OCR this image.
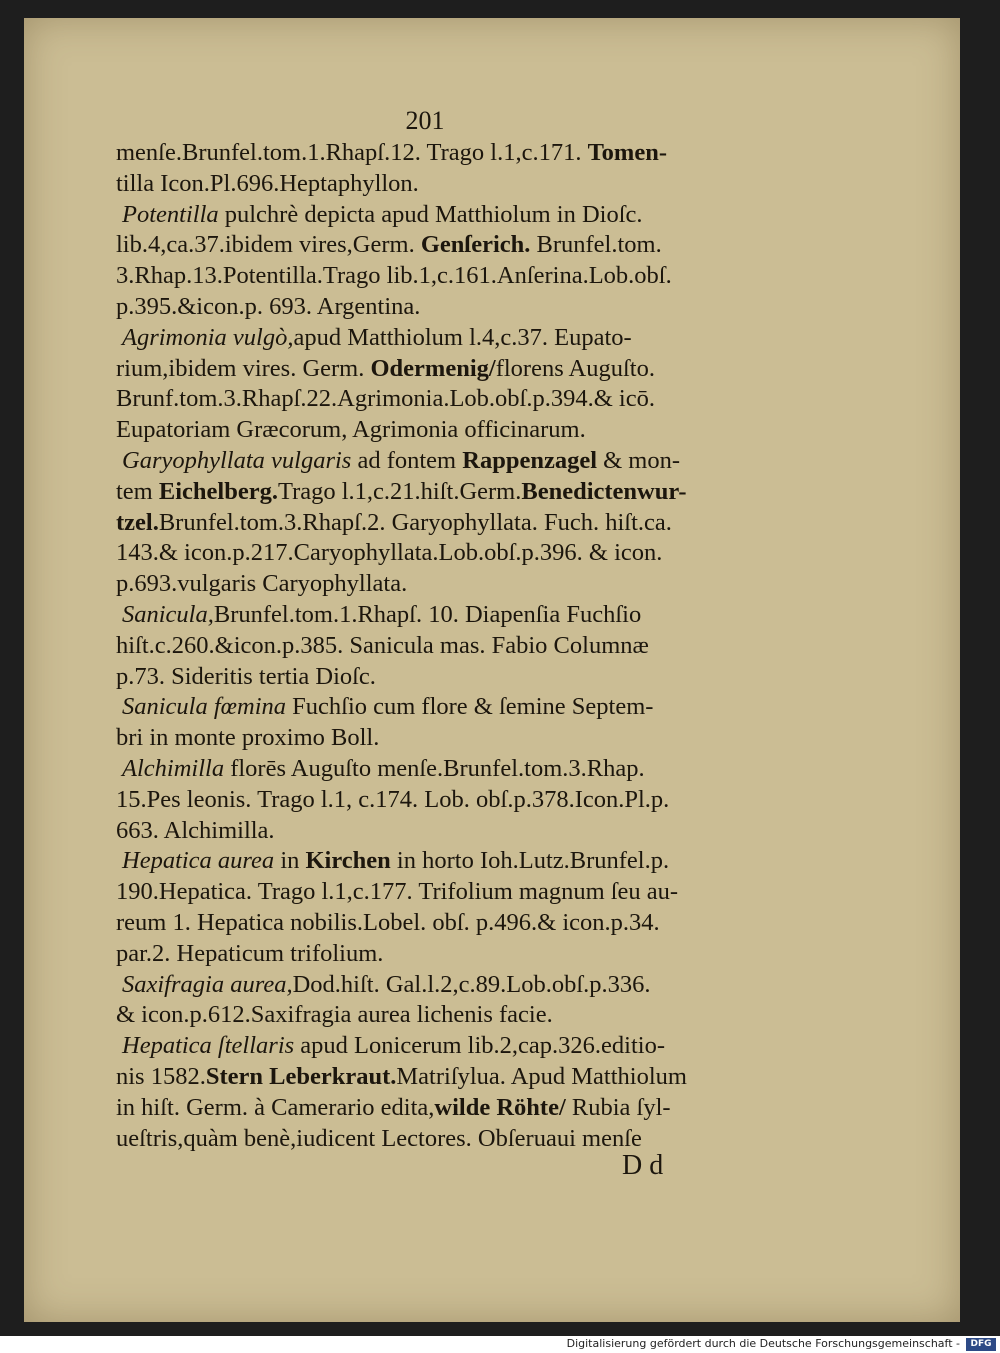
201
menſe.Brunfel.tom.1.Rhapſ.12. Trago l.1,c.171. Tomen-
tilla Icon.Pl.696.Heptaphyllon.
Potentilla pulchrè depicta apud Matthiolum in Dioſc.
lib.4,ca.37.ibidem vires,Germ. Genſerich. Brunfel.tom.
3.Rhap.13.Potentilla.Trago lib.1,c.161.Anſerina.Lob.obſ.
p.395.&icon.p. 693. Argentina.
Agrimonia vulgò,apud Matthiolum l.4,c.37. Eupato-
rium,ibidem vires. Germ. Odermenig/florens Auguſto.
Brunf.tom.3.Rhapſ.22.Agrimonia.Lob.obſ.p.394.& icō.
Eupatoriam Græcorum, Agrimonia officinarum.
Garyophyllata vulgaris ad fontem Rappenzagel & mon-
tem Eichelberg.Trago l.1,c.21.hiſt.Germ.Benedictenwur-
tzel.Brunfel.tom.3.Rhapſ.2. Garyophyllata. Fuch. hiſt.ca.
143.& icon.p.217.Caryophyllata.Lob.obſ.p.396. & icon.
p.693.vulgaris Caryophyllata.
Sanicula,Brunfel.tom.1.Rhapſ. 10. Diapenſia Fuchſio
hiſt.c.260.&icon.p.385. Sanicula mas. Fabio Columnæ
p.73. Sideritis tertia Dioſc.
Sanicula fœmina Fuchſio cum flore & ſemine Septem-
bri in monte proximo Boll.
Alchimilla florēs Auguſto menſe.Brunfel.tom.3.Rhap.
15.Pes leonis. Trago l.1, c.174. Lob. obſ.p.378.Icon.Pl.p.
663. Alchimilla.
Hepatica aurea in Kirchen in horto Ioh.Lutz.Brunfel.p.
190.Hepatica. Trago l.1,c.177. Trifolium magnum ſeu au-
reum 1. Hepatica nobilis.Lobel. obſ. p.496.& icon.p.34.
par.2. Hepaticum trifolium.
Saxifragia aurea,Dod.hiſt. Gal.l.2,c.89.Lob.obſ.p.336.
& icon.p.612.Saxifragia aurea lichenis facie.
Hepatica ſtellaris apud Lonicerum lib.2,cap.326.editio-
nis 1582.Stern Leberkraut.Matriſylua. Apud Matthiolum
in hiſt. Germ. à Camerario edita,wilde Röhte/ Rubia ſyl-
ueſtris,quàm benè,iudicent Lectores. Obſeruaui menſe
D d
Digitalisierung gefördert durch die Deutsche Forschungsgemeinschaft -	DFG
